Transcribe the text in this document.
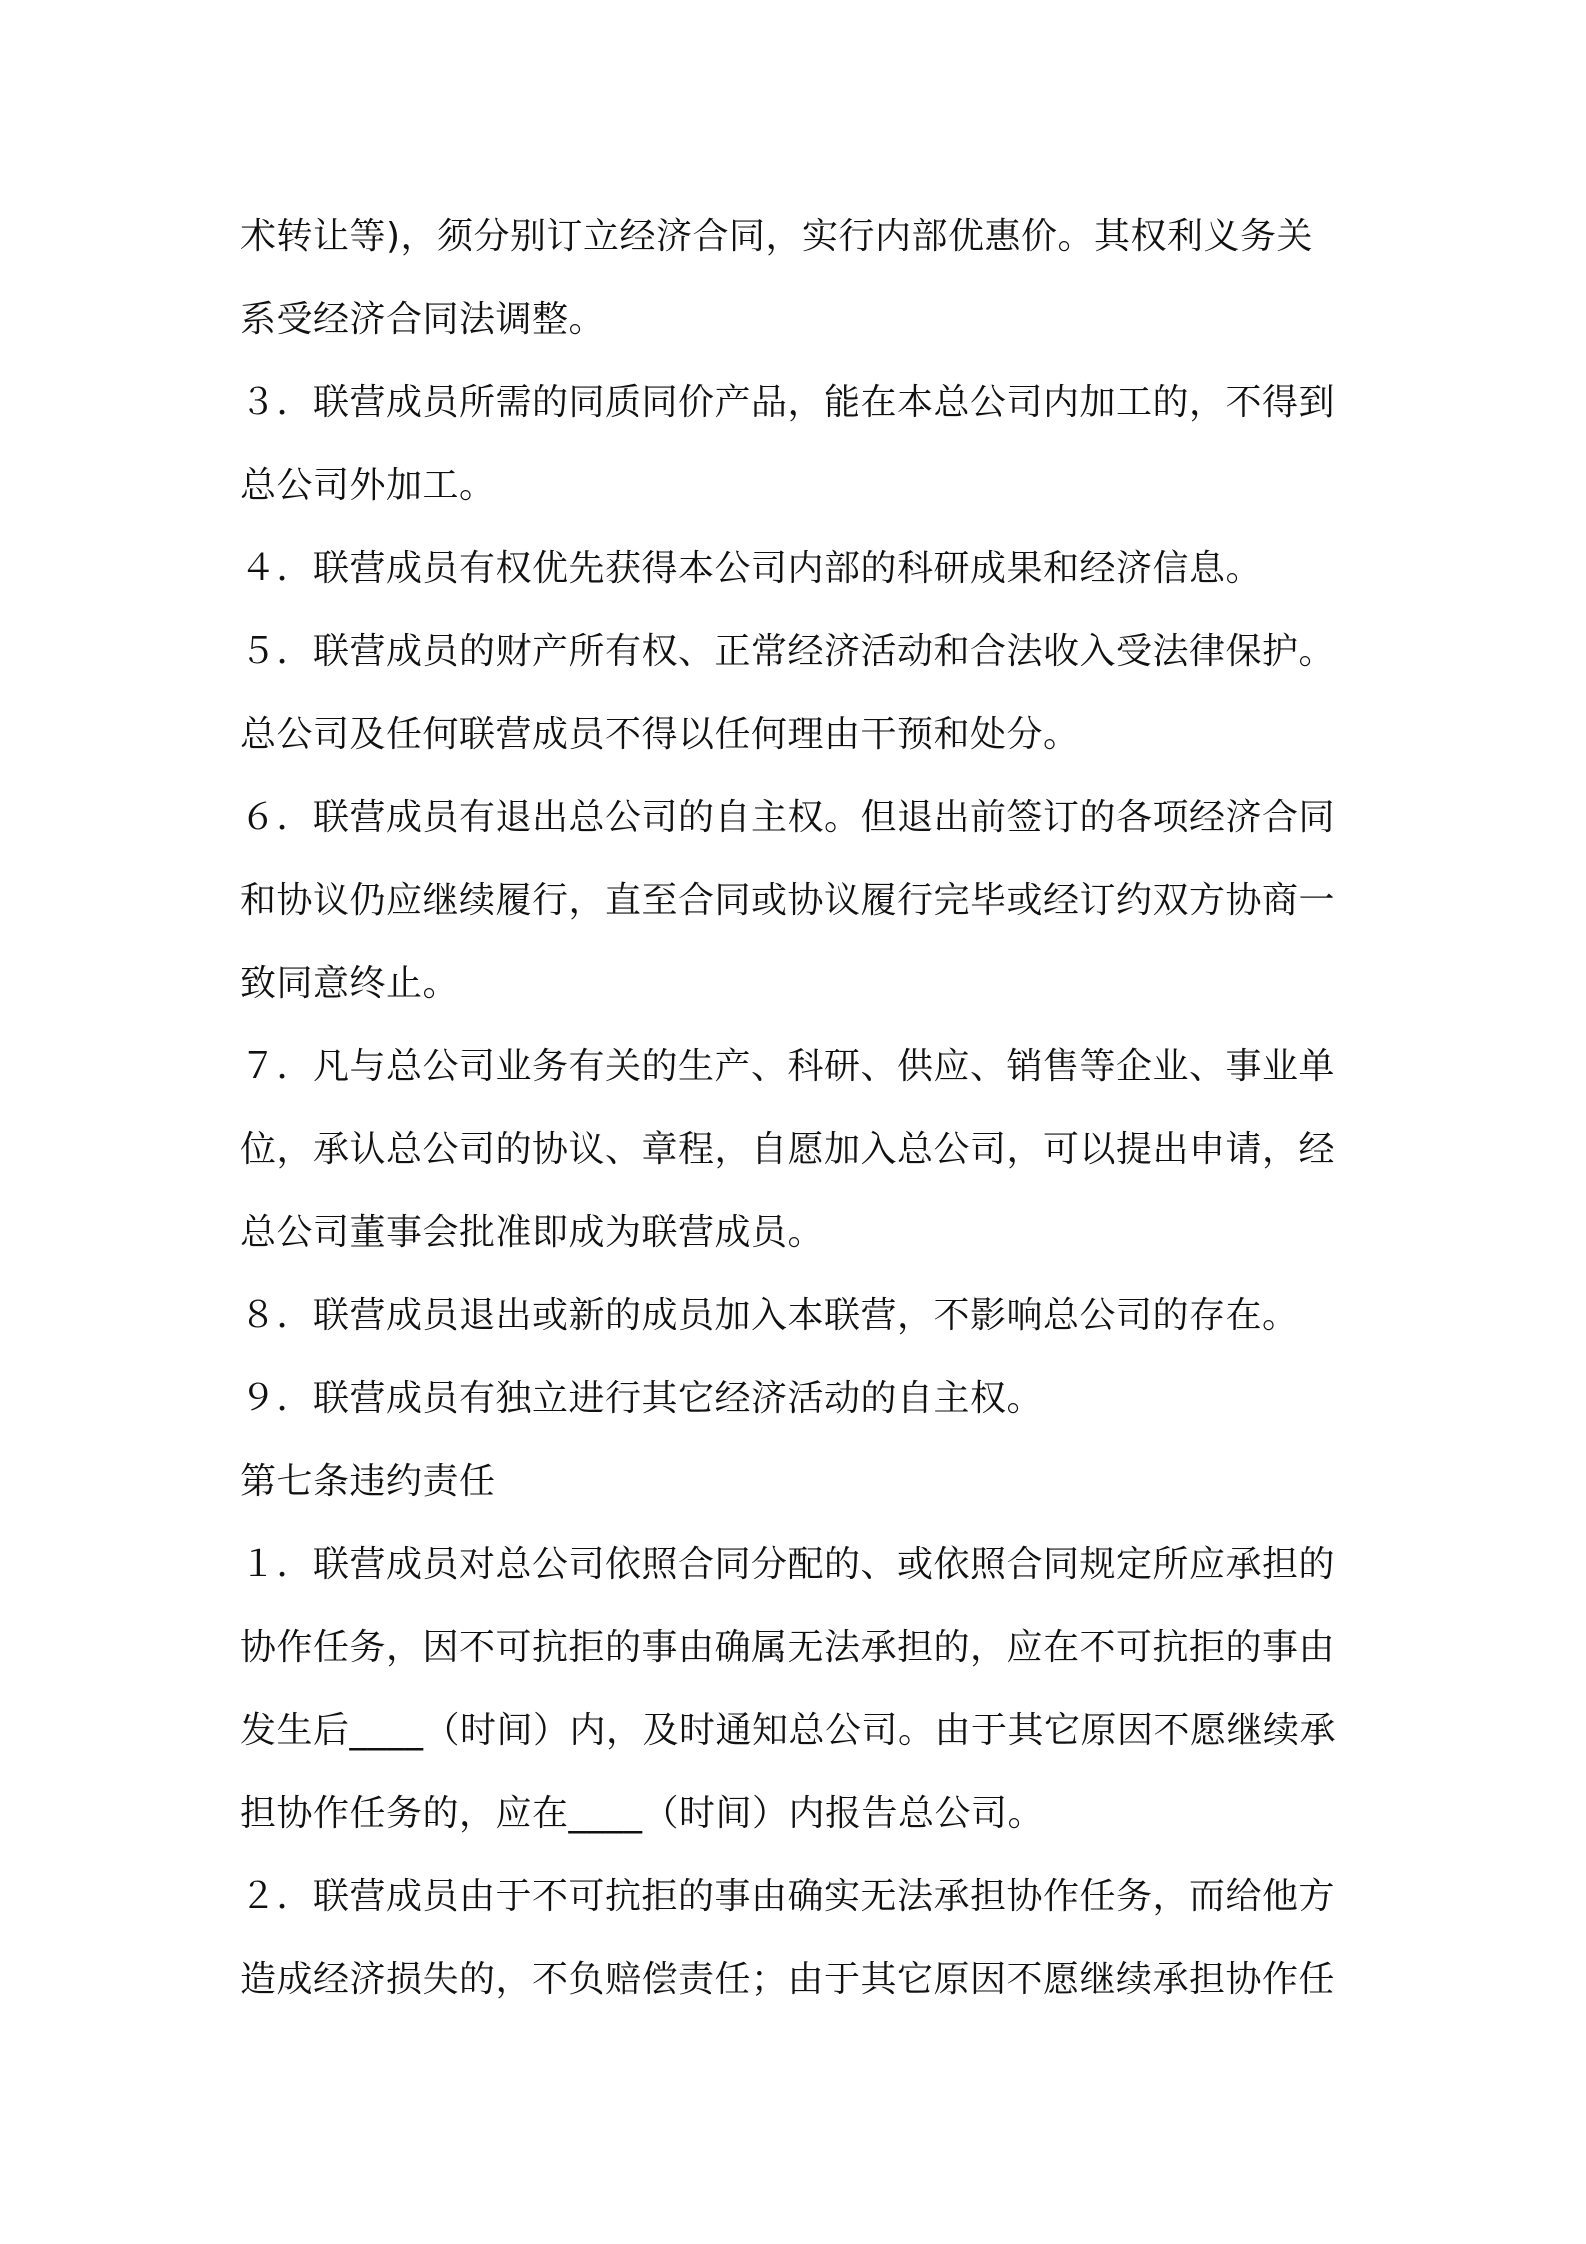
术转让等)，须分别订立经济合同，实行内部优惠价。其权利义务关
系受经济合同法调整。
３．联营成员所需的同质同价产品，能在本总公司内加工的，不得到
总公司外加工。
４．联营成员有权优先获得本公司内部的科研成果和经济信息。
５．联营成员的财产所有权、正常经济活动和合法收入受法律保护。
总公司及任何联营成员不得以任何理由干预和处分。
６．联营成员有退出总公司的自主权。但退出前签订的各项经济合同
和协议仍应继续履行，直至合同或协议履行完毕或经订约双方协商一
致同意终止。
７．凡与总公司业务有关的生产、科研、供应、销售等企业、事业单
位，承认总公司的协议、章程，自愿加入总公司，可以提出申请，经
总公司董事会批准即成为联营成员。
８．联营成员退出或新的成员加入本联营，不影响总公司的存在。
９．联营成员有独立进行其它经济活动的自主权。
第七条违约责任
１．联营成员对总公司依照合同分配的、或依照合同规定所应承担的
协作任务，因不可抗拒的事由确属无法承担的，应在不可抗拒的事由
发生后____（时间）内，及时通知总公司。由于其它原因不愿继续承
担协作任务的，应在____（时间）内报告总公司。
２．联营成员由于不可抗拒的事由确实无法承担协作任务，而给他方
造成经济损失的，不负赔偿责任；由于其它原因不愿继续承担协作任
